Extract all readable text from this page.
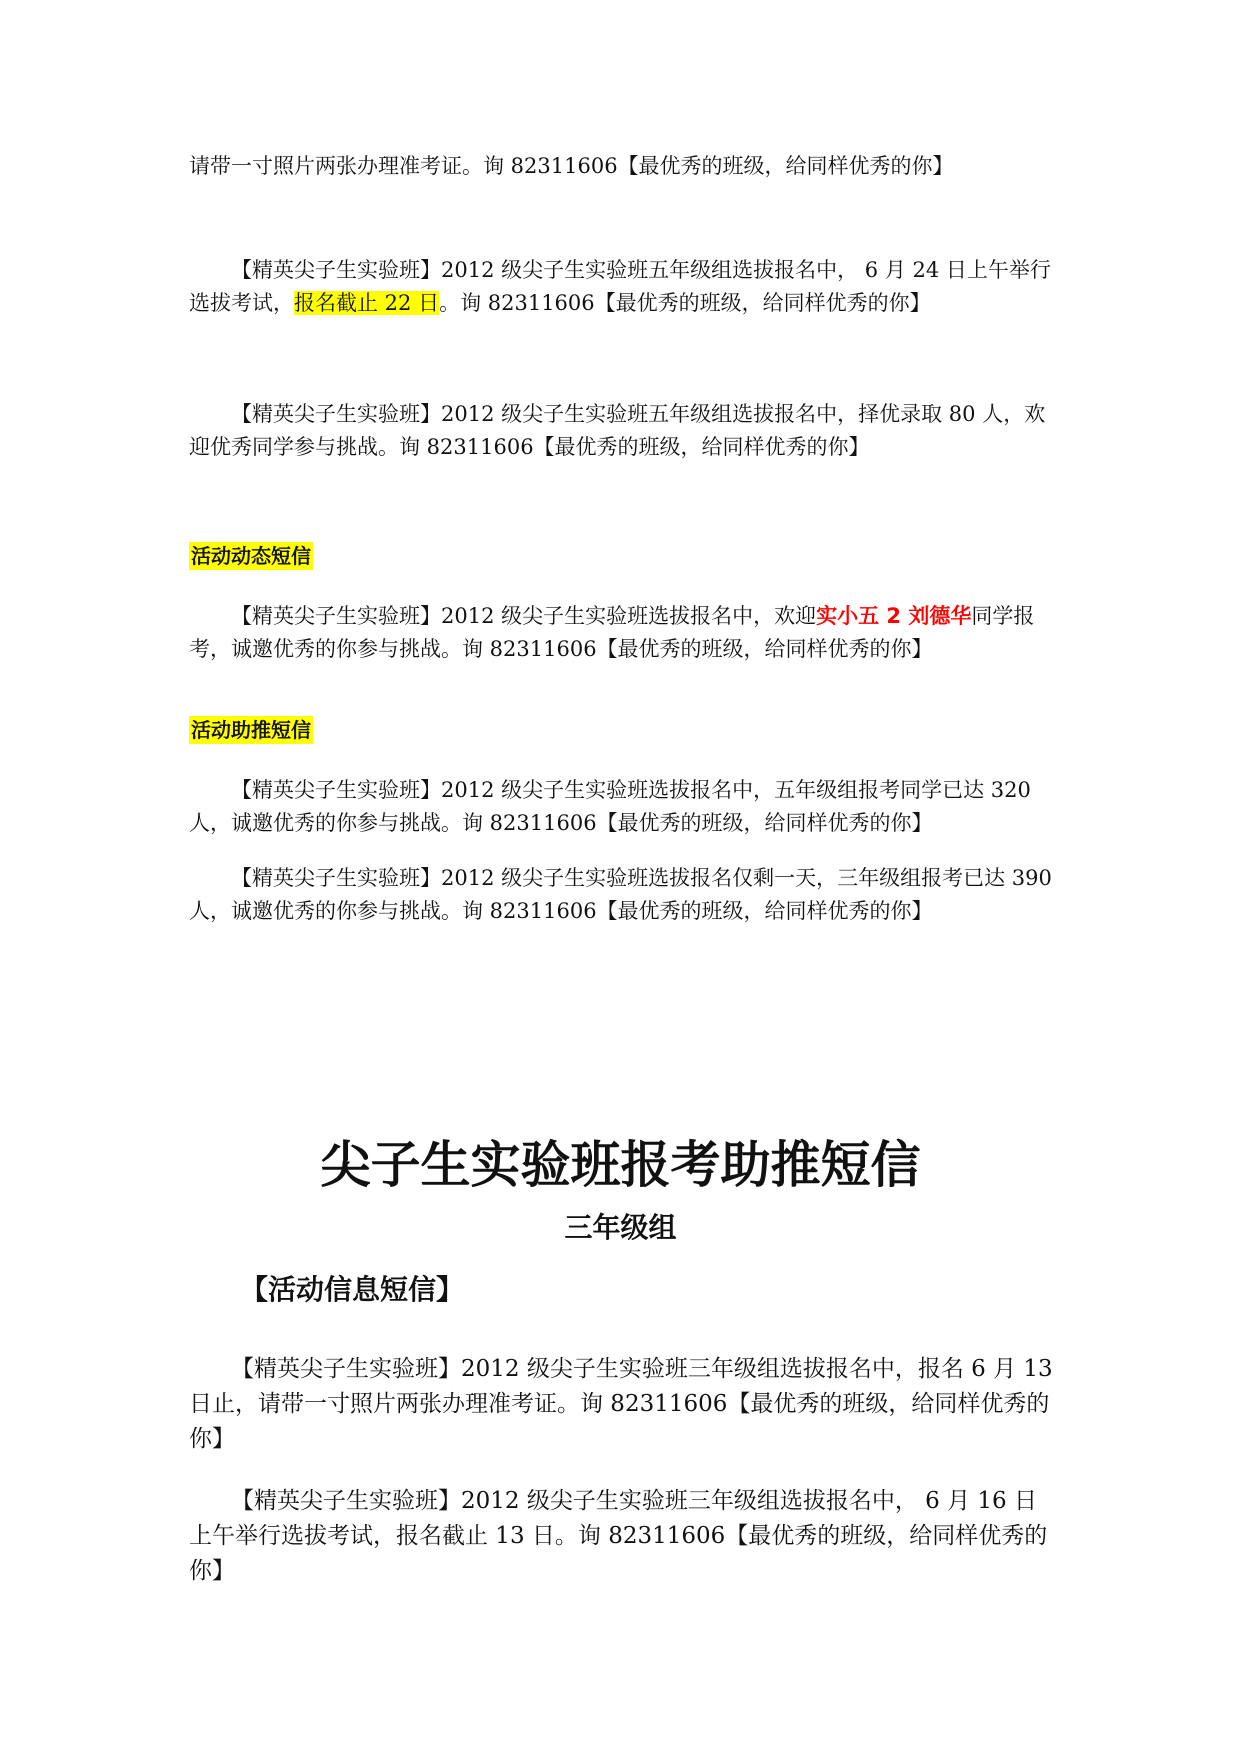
请带一寸照片两张办理准考证。询 82311606【最优秀的班级，给同样优秀的你】

【精英尖子生实验班】2012 级尖子生实验班五年级组选拔报名中， 6 月 24 日上午举行选拔考试，报名截止 22 日。询 82311606【最优秀的班级，给同样优秀的你】

【精英尖子生实验班】2012 级尖子生实验班五年级组选拔报名中，择优录取 80 人，欢迎优秀同学参与挑战。询 82311606【最优秀的班级，给同样优秀的你】

活动动态短信

【精英尖子生实验班】2012 级尖子生实验班选拔报名中，欢迎实小五 2 刘德华同学报考，诚邀优秀的你参与挑战。询 82311606【最优秀的班级，给同样优秀的你】

活动助推短信

【精英尖子生实验班】2012 级尖子生实验班选拔报名中，五年级组报考同学已达 320 人，诚邀优秀的你参与挑战。询 82311606【最优秀的班级，给同样优秀的你】

【精英尖子生实验班】2012 级尖子生实验班选拔报名仅剩一天，三年级组报考已达 390 人，诚邀优秀的你参与挑战。询 82311606【最优秀的班级，给同样优秀的你】

尖子生实验班报考助推短信
三年级组
【活动信息短信】

【精英尖子生实验班】2012 级尖子生实验班三年级组选拔报名中，报名 6 月 13 日止，请带一寸照片两张办理准考证。询 82311606【最优秀的班级，给同样优秀的你】

【精英尖子生实验班】2012 级尖子生实验班三年级组选拔报名中， 6 月 16 日上午举行选拔考试，报名截止 13 日。询 82311606【最优秀的班级，给同样优秀的你】
